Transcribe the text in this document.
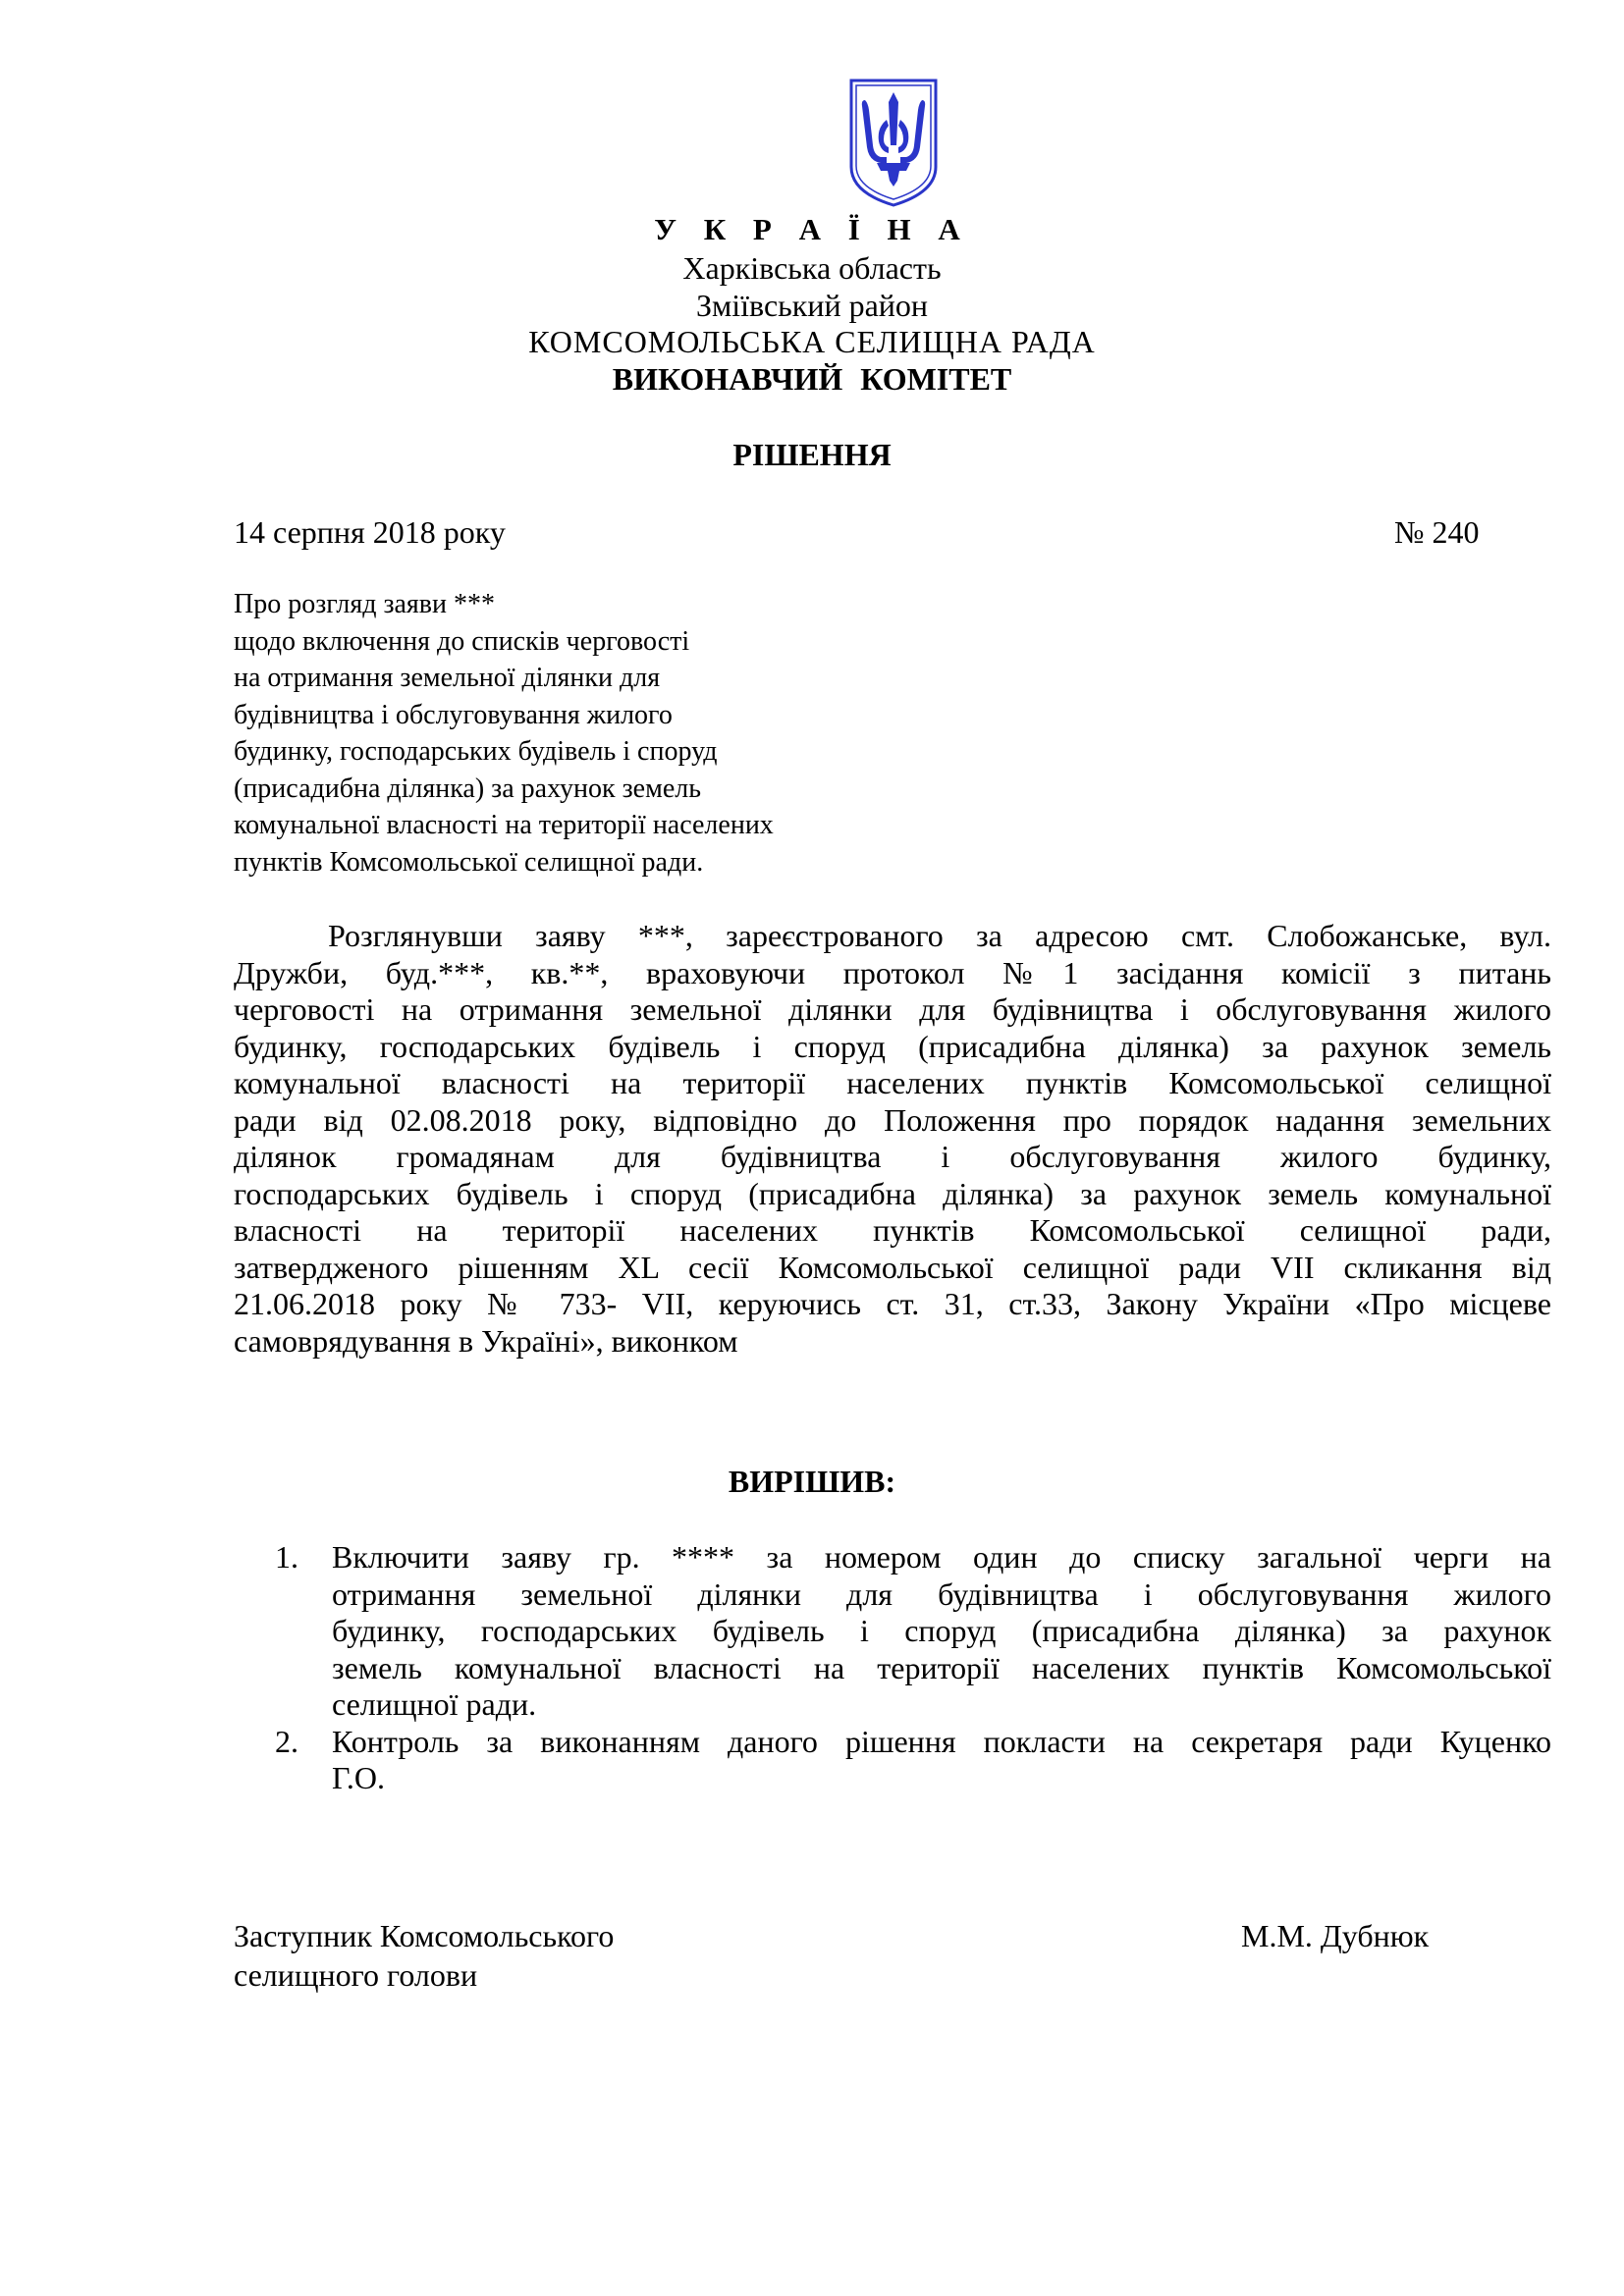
У К Р А Ї Н А
Харківська область
Зміївський район
КОМСОМОЛЬСЬКА СЕЛИЩНА РАДА
ВИКОНАВЧИЙ КОМІТЕТ
РІШЕННЯ
14 серпня 2018 року	№ 240
Про розгляд заяви ***
щодо включення до списків черговості
на отримання земельної ділянки для
будівництва і обслуговування жилого
будинку, господарських будівель і споруд
(присадибна ділянка) за рахунок земель
комунальної власності на території населених
пунктів Комсомольської селищної ради.
Розглянувши заяву ***, зареєстрованого за адресою смт. Слобожанське, вул.
Дружби, буд.***, кв.**, враховуючи протокол №1 засідання комісії з питань
черговості на отримання земельної ділянки для будівництва і обслуговування жилого
будинку, господарських будівель і споруд (присадибна ділянка) за рахунок земель
комунальної власності на території населених пунктів Комсомольської селищної
ради від 02.08.2018 року, відповідно до Положення про порядок надання земельних
ділянок громадянам для будівництва і обслуговування жилого будинку,
господарських будівель і споруд (присадибна ділянка) за рахунок земель комунальної
власності на території населених пунктів Комсомольської селищної ради,
затвердженого рішенням XL сесії Комсомольської селищної ради VII скликання від
21.06.2018 року № 733- VII, керуючись ст. 31, ст.33, Закону України «Про місцеве
самоврядування в Україні», виконком
ВИРІШИВ:
1. Включити заяву гр. **** за номером один до списку загальної черги на
отримання земельної ділянки для будівництва і обслуговування жилого
будинку, господарських будівель і споруд (присадибна ділянка) за рахунок
земель комунальної власності на території населених пунктів Комсомольської
селищної ради.
2. Контроль за виконанням даного рішення покласти на секретаря ради Куценко
Г.О.
Заступник Комсомольського
селищного голови
М.М. Дубнюк
